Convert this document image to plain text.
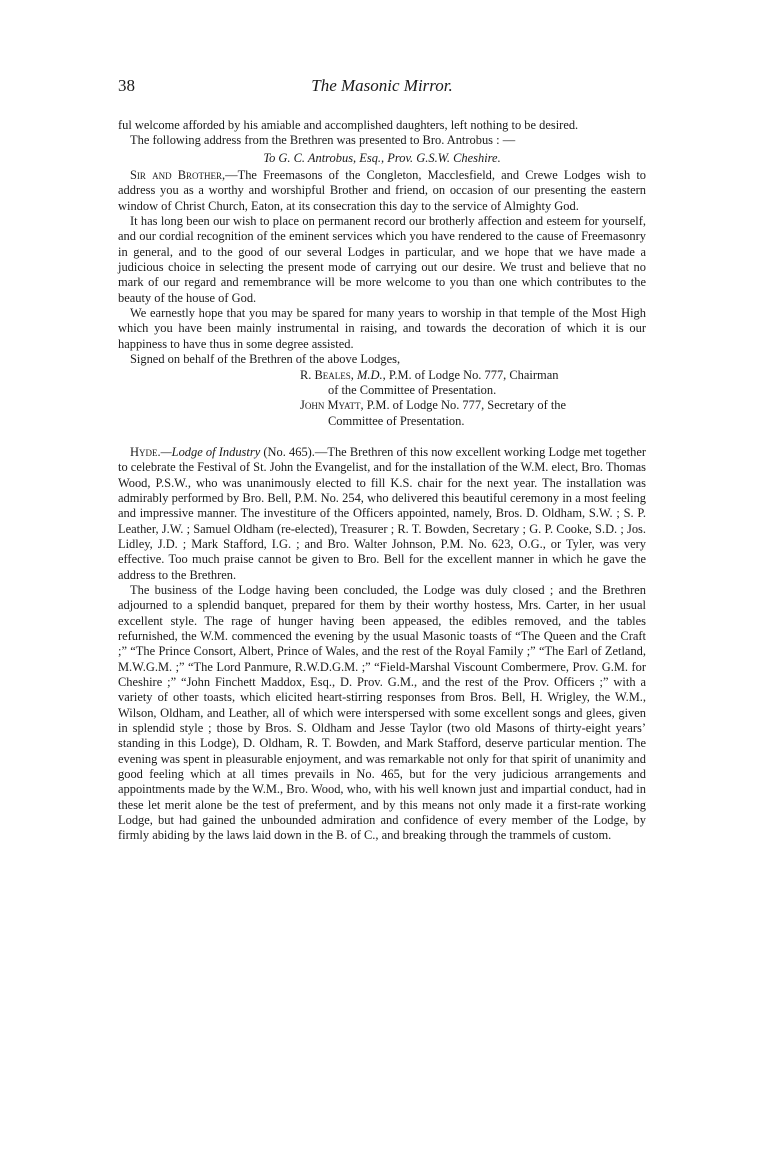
38	The Masonic Mirror.

ful welcome afforded by his amiable and accomplished daughters, left nothing to be desired.

The following address from the Brethren was presented to Bro. Antrobus : —

To G. C. Antrobus, Esq., Prov. G.S.W. Cheshire.

Sir and Brother,—The Freemasons of the Congleton, Macclesfield, and Crewe Lodges wish to address you as a worthy and worshipful Brother and friend, on occasion of our presenting the eastern window of Christ Church, Eaton, at its consecration this day to the service of Almighty God.

It has long been our wish to place on permanent record our brotherly affection and esteem for yourself, and our cordial recognition of the eminent services which you have rendered to the cause of Freemasonry in general, and to the good of our several Lodges in particular, and we hope that we have made a judicious choice in selecting the present mode of carrying out our desire. We trust and believe that no mark of our regard and remembrance will be more welcome to you than one which contributes to the beauty of the house of God.

We earnestly hope that you may be spared for many years to worship in that temple of the Most High which you have been mainly instrumental in raising, and towards the decoration of which it is our happiness to have thus in some degree assisted.

Signed on behalf of the Brethren of the above Lodges,

R. Beales, M.D., P.M. of Lodge No. 777, Chairman

of the Committee of Presentation.

John Myatt, P.M. of Lodge No. 777, Secretary of the

Committee of Presentation.

Hyde.—Lodge of Industry (No. 465).—The Brethren of this now excellent working Lodge met together to celebrate the Festival of St. John the Evangelist, and for the installation of the W.M. elect, Bro. Thomas Wood, P.S.W., who was unanimously elected to fill K.S. chair for the next year. The installation was admirably performed by Bro. Bell, P.M. No. 254, who delivered this beautiful ceremony in a most feeling and impressive manner. The investiture of the Officers appointed, namely, Bros. D. Oldham, S.W. ; S. P. Leather, J.W. ; Samuel Oldham (re-elected), Treasurer ; R. T. Bowden, Secretary ; G. P. Cooke, S.D. ; Jos. Lidley, J.D. ; Mark Stafford, I.G. ; and Bro. Walter Johnson, P.M. No. 623, O.G., or Tyler, was very effective. Too much praise cannot be given to Bro. Bell for the excellent manner in which he gave the address to the Brethren.

The business of the Lodge having been concluded, the Lodge was duly closed ; and the Brethren adjourned to a splendid banquet, prepared for them by their worthy hostess, Mrs. Carter, in her usual excellent style. The rage of hunger having been appeased, the edibles removed, and the tables refurnished, the W.M. commenced the evening by the usual Masonic toasts of “The Queen and the Craft ;” “The Prince Consort, Albert, Prince of Wales, and the rest of the Royal Family ;” “The Earl of Zetland, M.W.G.M. ;” “The Lord Panmure, R.W.D.G.M. ;” “Field-Marshal Viscount Combermere, Prov. G.M. for Cheshire ;” “John Finchett Maddox, Esq., D. Prov. G.M., and the rest of the Prov. Officers ;” with a variety of other toasts, which elicited heart-stirring responses from Bros. Bell, H. Wrigley, the W.M., Wilson, Oldham, and Leather, all of which were interspersed with some excellent songs and glees, given in splendid style ; those by Bros. S. Oldham and Jesse Taylor (two old Masons of thirty-eight years’ standing in this Lodge), D. Oldham, R. T. Bowden, and Mark Stafford, deserve particular mention. The evening was spent in pleasurable enjoyment, and was remarkable not only for that spirit of unanimity and good feeling which at all times prevails in No. 465, but for the very judicious arrangements and appointments made by the W.M., Bro. Wood, who, with his well known just and impartial conduct, had in these let merit alone be the test of preferment, and by this means not only made it a first-rate working Lodge, but had gained the unbounded admiration and confidence of every member of the Lodge, by firmly abiding by the laws laid down in the B. of C., and breaking through the trammels of custom.
